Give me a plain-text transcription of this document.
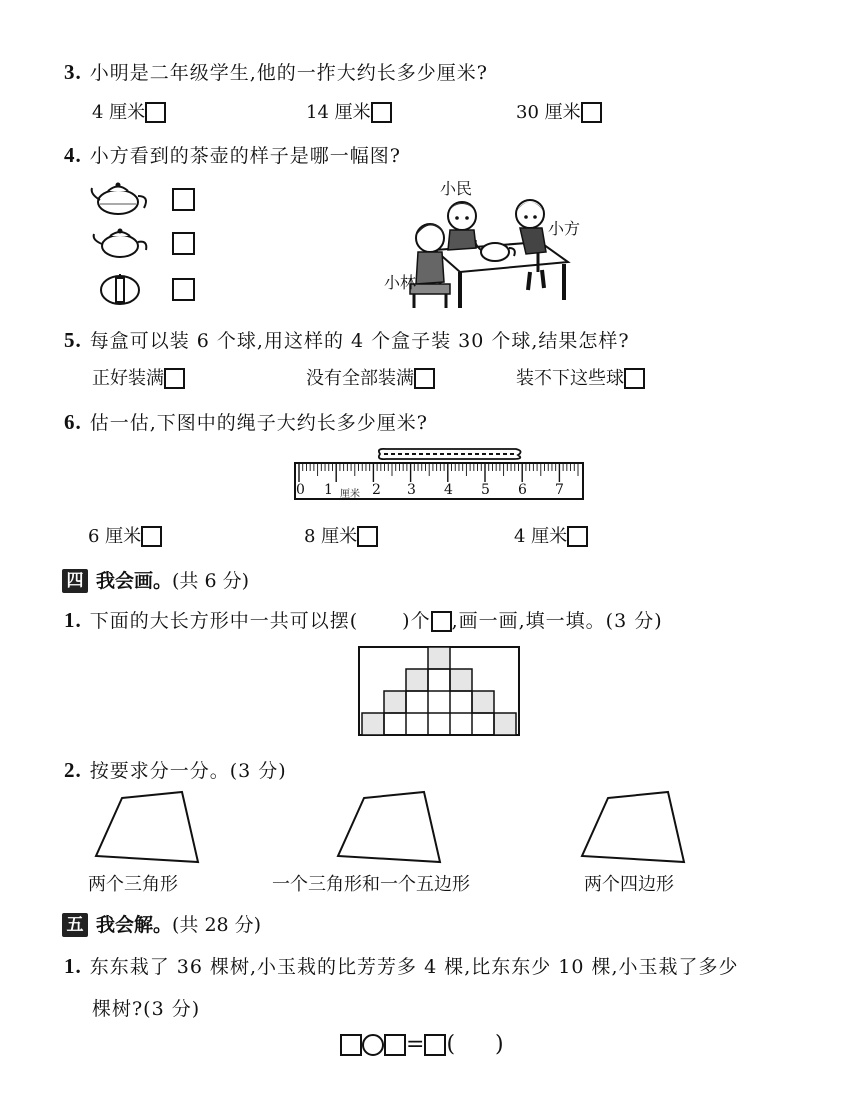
3. 小明是二年级学生,他的一拃大约长多少厘米?
4 厘米	14 厘米	30 厘米
4. 小方看到的茶壶的样子是哪一幅图?
小民
小方
小林
5. 每盒可以装 6 个球,用这样的 4 个盒子装 30 个球,结果怎样?
正好装满	没有全部装满	装不下这些球
6. 估一估,下图中的绳子大约长多少厘米?
0 1 厘米 2 3 4 5 6 7
6 厘米	8 厘米	4 厘米
四 我会画。(共 6 分)
1. 下面的大长方形中一共可以摆( )个 ,画一画,填一填。(3 分)
2. 按要求分一分。(3 分)
两个三角形	一个三角形和一个五边形	两个四边形
五 我会解。(共 28 分)
1. 东东栽了 36 棵树,小玉栽的比芳芳多 4 棵,比东东少 10 棵,小玉栽了多少
棵树?(3 分)
= ( )
